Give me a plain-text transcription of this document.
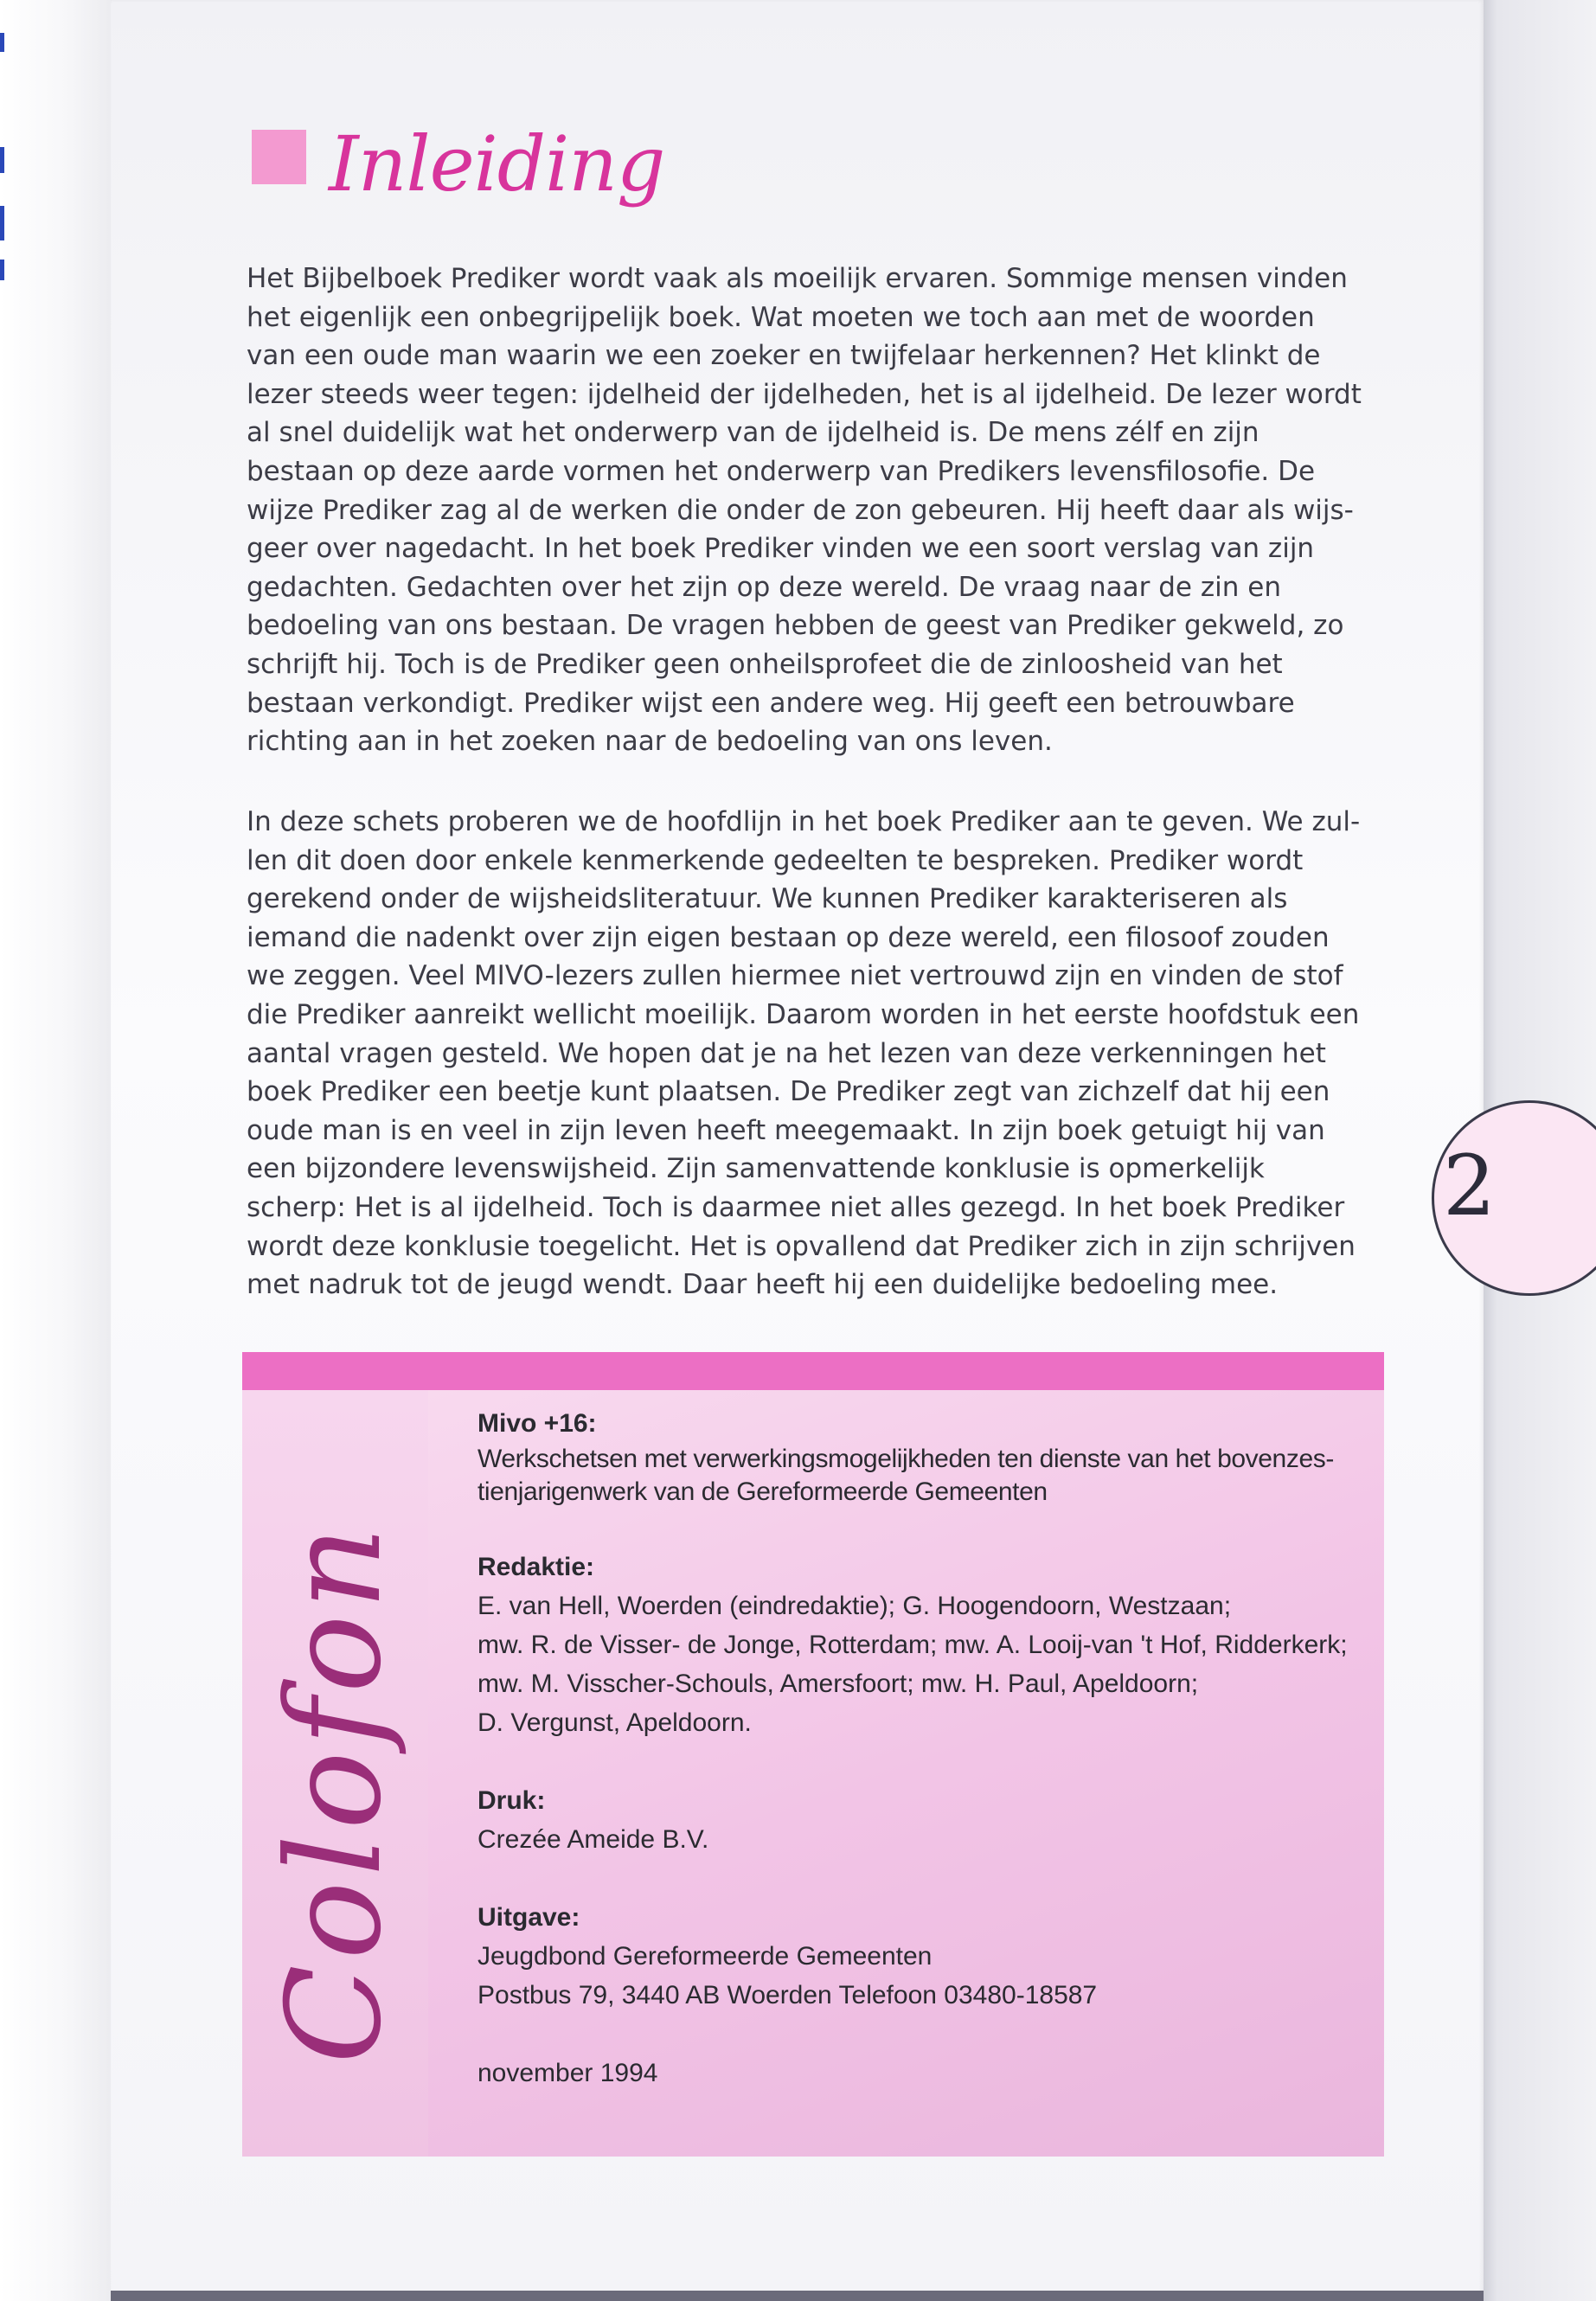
2
Inleiding
Het Bijbelboek Prediker wordt vaak als moeilijk ervaren. Sommige mensen vinden
het eigenlijk een onbegrijpelijk boek. Wat moeten we toch aan met de woorden
van een oude man waarin we een zoeker en twijfelaar herkennen? Het klinkt de
lezer steeds weer tegen: ijdelheid der ijdelheden, het is al ijdelheid. De lezer wordt
al snel duidelijk wat het onderwerp van de ijdelheid is. De mens zélf en zijn
bestaan op deze aarde vormen het onderwerp van Predikers levensfilosofie. De
wijze Prediker zag al de werken die onder de zon gebeuren. Hij heeft daar als wijs-
geer over nagedacht. In het boek Prediker vinden we een soort verslag van zijn
gedachten. Gedachten over het zijn op deze wereld. De vraag naar de zin en
bedoeling van ons bestaan. De vragen hebben de geest van Prediker gekweld, zo
schrijft hij. Toch is de Prediker geen onheilsprofeet die de zinloosheid van het
bestaan verkondigt. Prediker wijst een andere weg. Hij geeft een betrouwbare
richting aan in het zoeken naar de bedoeling van ons leven.
In deze schets proberen we de hoofdlijn in het boek Prediker aan te geven. We zul-
len dit doen door enkele kenmerkende gedeelten te bespreken. Prediker wordt
gerekend onder de wijsheidsliteratuur. We kunnen Prediker karakteriseren als
iemand die nadenkt over zijn eigen bestaan op deze wereld, een filosoof zouden
we zeggen. Veel MIVO-lezers zullen hiermee niet vertrouwd zijn en vinden de stof
die Prediker aanreikt wellicht moeilijk. Daarom worden in het eerste hoofdstuk een
aantal vragen gesteld. We hopen dat je na het lezen van deze verkenningen het
boek Prediker een beetje kunt plaatsen. De Prediker zegt van zichzelf dat hij een
oude man is en veel in zijn leven heeft meegemaakt. In zijn boek getuigt hij van
een bijzondere levenswijsheid. Zijn samenvattende konklusie is opmerkelijk
scherp: Het is al ijdelheid. Toch is daarmee niet alles gezegd. In het boek Prediker
wordt deze konklusie toegelicht. Het is opvallend dat Prediker zich in zijn schrijven
met nadruk tot de jeugd wendt. Daar heeft hij een duidelijke bedoeling mee.
Colofon
Mivo +16:
Werkschetsen met verwerkingsmogelijkheden ten dienste van het bovenzes-
tienjarigenwerk van de Gereformeerde Gemeenten
Redaktie:
E. van Hell, Woerden (eindredaktie); G. Hoogendoorn, Westzaan;
mw. R. de Visser- de Jonge, Rotterdam; mw. A. Looij-van 't Hof, Ridderkerk;
mw. M. Visscher-Schouls, Amersfoort; mw. H. Paul, Apeldoorn;
D. Vergunst, Apeldoorn.
Druk:
Crezée Ameide B.V.
Uitgave:
Jeugdbond Gereformeerde Gemeenten
Postbus 79, 3440 AB Woerden Telefoon 03480-18587
november 1994
